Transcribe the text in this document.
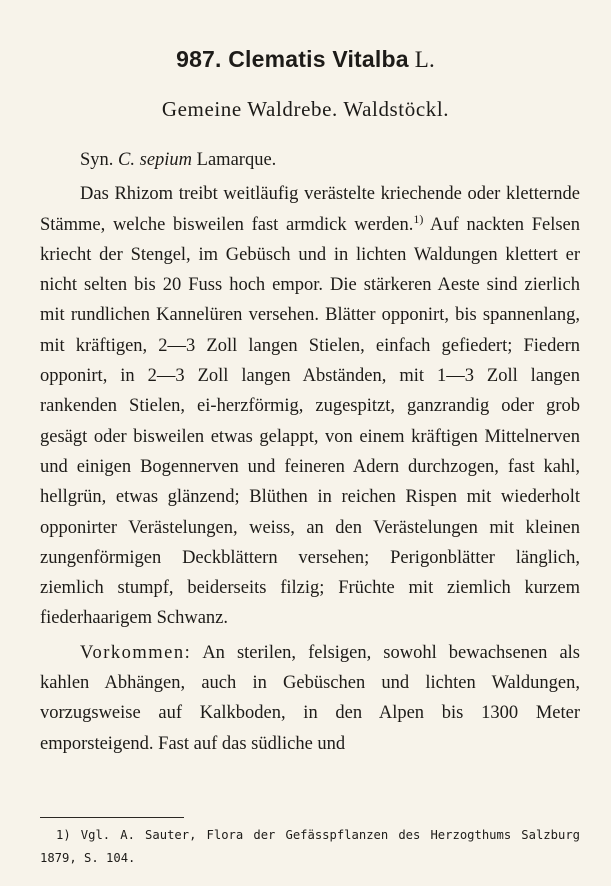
987. Clematis Vitalba L.
Gemeine Waldrebe. Waldstöckl.

Syn. C. sepium Lamarque.

Das Rhizom treibt weitläufig verästelte kriechende oder kletternde Stämme, welche bisweilen fast armdick werden.$^{1)}$ Auf nackten Felsen kriecht der Stengel, im Gebüsch und in lichten Waldungen klettert er nicht selten bis 20 Fuss hoch empor. Die stärkeren Aeste sind zierlich mit rundlichen Kannelüren versehen. Blätter opponirt, bis spannenlang, mit kräftigen, 2—3 Zoll langen Stielen, einfach gefiedert; Fiedern opponirt, in 2—3 Zoll langen Abständen, mit 1—3 Zoll langen rankenden Stielen, ei-herzförmig, zugespitzt, ganzrandig oder grob gesägt oder bisweilen etwas gelappt, von einem kräftigen Mittelnerven und einigen Bogennerven und feineren Adern durchzogen, fast kahl, hellgrün, etwas glänzend; Blüthen in reichen Rispen mit wiederholt opponirter Verästelungen, weiss, an den Verästelungen mit kleinen zungenförmigen Deckblättern versehen; Perigonblätter länglich, ziemlich stumpf, beiderseits filzig; Früchte mit ziemlich kurzem fiederhaarigem Schwanz.

Vorkommen: An sterilen, felsigen, sowohl bewachsenen als kahlen Abhängen, auch in Gebüschen und lichten Waldungen, vorzugsweise auf Kalkboden, in den Alpen bis 1300 Meter emporsteigend. Fast auf das südliche und

1) Vgl. A. Sauter, Flora der Gefässpflanzen des Herzogthums Salzburg 1879, S. 104.
